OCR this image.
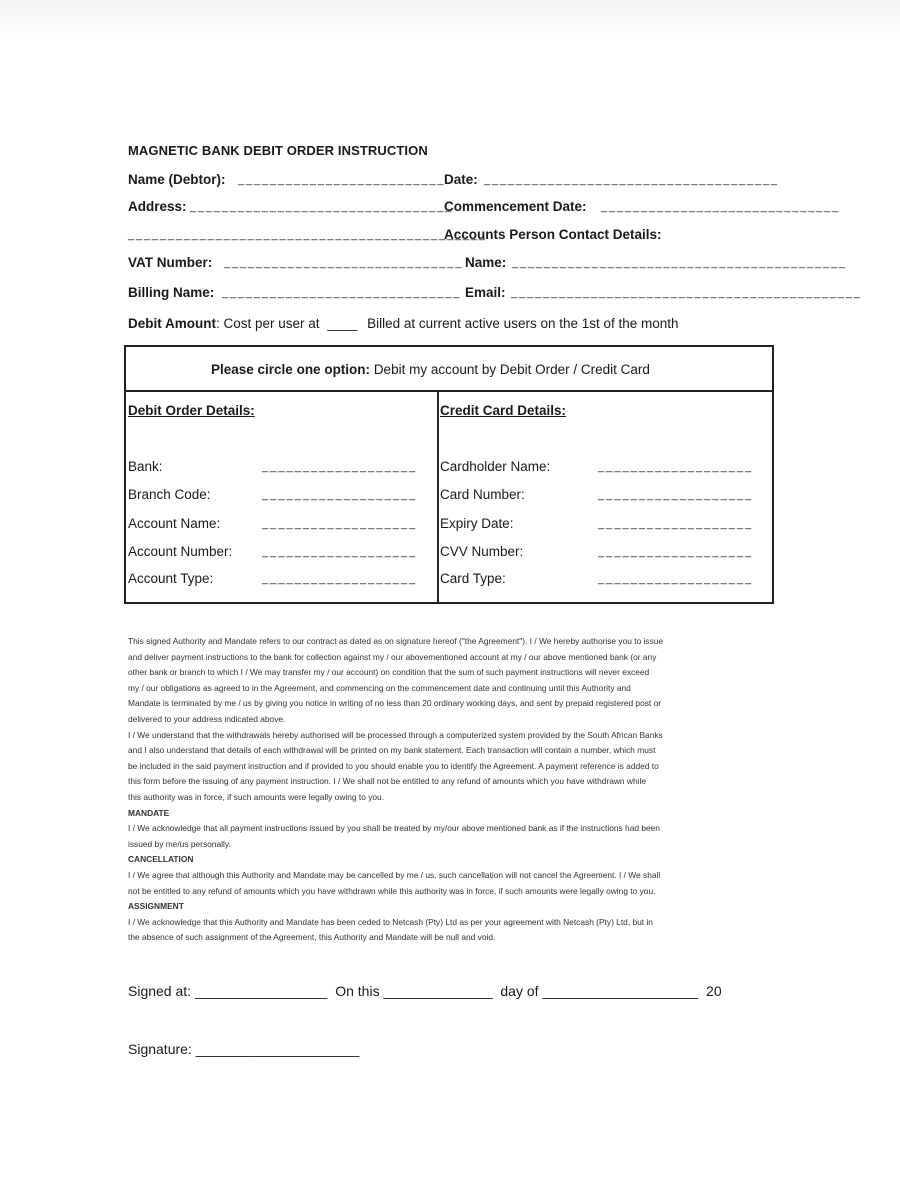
MAGNETIC BANK DEBIT ORDER INSTRUCTION
Name (Debtor): _ _ _ _ _ _ _ _ _ _ _ _ _ _ _ _ _ _ _ _ _ _ _ _ _ _ Date: _ _ _ _ _ _ _ _ _ _ _ _ _ _ _ _ _ _ _ _ _ _ _ _ _ _ _ _ _ _ _ _ _ _ _ _ _
Address: _ _ _ _ _ _ _ _ _ _ _ _ _ _ _ _ _ _ _ _ _ _ _ _ _ _ _ _ _ _ _ _ _
Commencement Date: _ _ _ _ _ _ _ _ _ _ _ _ _ _ _ _ _ _ _ _ _ _ _ _ _ _ _ _ _ _
_ _ _ _ _ _ _ _ _ _ _ _ _ _ _ _ _ _ _ _ _ _ _ _ _ _ _ _ _ _ _ _ _ _ _ _ _ _ _ _ _ _ _ _ _
Accounts Person Contact Details:
VAT Number: _ _ _ _ _ _ _ _ _ _ _ _ _ _ _ _ _ _ _ _ _ _ _ _ _ _ _ _ _ _ Name: _ _ _ _ _ _ _ _ _ _ _ _ _ _ _ _ _ _ _ _ _ _ _ _ _ _ _ _ _ _ _ _ _ _ _ _ _ _ _ _ _ _
Billing Name: _ _ _ _ _ _ _ _ _ _ _ _ _ _ _ _ _ _ _ _ _ _ _ _ _ _ _ _ _ _ Email: _ _ _ _ _ _ _ _ _ _ _ _ _ _ _ _ _ _ _ _ _ _ _ _ _ _ _ _ _ _ _ _ _ _ _ _ _ _ _ _ _ _ _ _
Debit Amount: Cost per user at ____ Billed at current active users on the 1st of the month
Please circle one option: Debit my account by Debit Order / Credit Card
Debit Order Details:	Credit Card Details:
Bank:
Branch Code:
Account Name:
Account Number:
Account Type:
_ _ _ _ _ _ _ _ _ _ _ _ _ _ _ _ _ _ _
_ _ _ _ _ _ _ _ _ _ _ _ _ _ _ _ _ _ _
_ _ _ _ _ _ _ _ _ _ _ _ _ _ _ _ _ _ _
_ _ _ _ _ _ _ _ _ _ _ _ _ _ _ _ _ _ _
_ _ _ _ _ _ _ _ _ _ _ _ _ _ _ _ _ _ _
Cardholder Name:
Card Number:
Expiry Date:
CVV Number:
Card Type:
_ _ _ _ _ _ _ _ _ _ _ _ _ _ _ _ _ _ _
_ _ _ _ _ _ _ _ _ _ _ _ _ _ _ _ _ _ _
_ _ _ _ _ _ _ _ _ _ _ _ _ _ _ _ _ _ _
_ _ _ _ _ _ _ _ _ _ _ _ _ _ _ _ _ _ _
_ _ _ _ _ _ _ _ _ _ _ _ _ _ _ _ _ _ _

This signed Authority and Mandate refers to our contract as dated as on signature hereof ("the Agreement"). I / We hereby authorise you to issue

and deliver payment instructions to the bank for collection against my / our abovementioned account at my / our above mentioned bank (or any

other bank or branch to which I / We may transfer my / our account) on condition that the sum of such payment instructions will never exceed

my / our obligations as agreed to in the Agreement, and commencing on the commencement date and continuing until this Authority and

Mandate is terminated by me / us by giving you notice in writing of no less than 20 ordinary working days, and sent by prepaid registered post or

delivered to your address indicated above.

I / We understand that the withdrawals hereby authorised will be processed through a computerized system provided by the South African Banks

and I also understand that details of each withdrawal will be printed on my bank statement. Each transaction will contain a number, which must

be included in the said payment instruction and if provided to you should enable you to identify the Agreement. A payment reference is added to

this form before the issuing of any payment instruction. I / We shall not be entitled to any refund of amounts which you have withdrawn while

this authority was in force, if such amounts were legally owing to you.

MANDATE

I / We acknowledge that all payment instructions issued by you shall be treated by my/our above mentioned bank as if the instructions had been

issued by me/us personally.

CANCELLATION

I / We agree that although this Authority and Mandate may be cancelled by me / us, such cancellation will not cancel the Agreement. I / We shall

not be entitled to any refund of amounts which you have withdrawn while this authority was in force, if such amounts were legally owing to you.

ASSIGNMENT

I / We acknowledge that this Authority and Mandate has been ceded to Netcash (Pty) Ltd as per your agreement with Netcash (Pty) Ltd, but in

the absence of such assignment of the Agreement, this Authority and Mandate will be null and void.

Signed at: _________________ On this ______________ day of ____________________ 20
Signature: _____________________
